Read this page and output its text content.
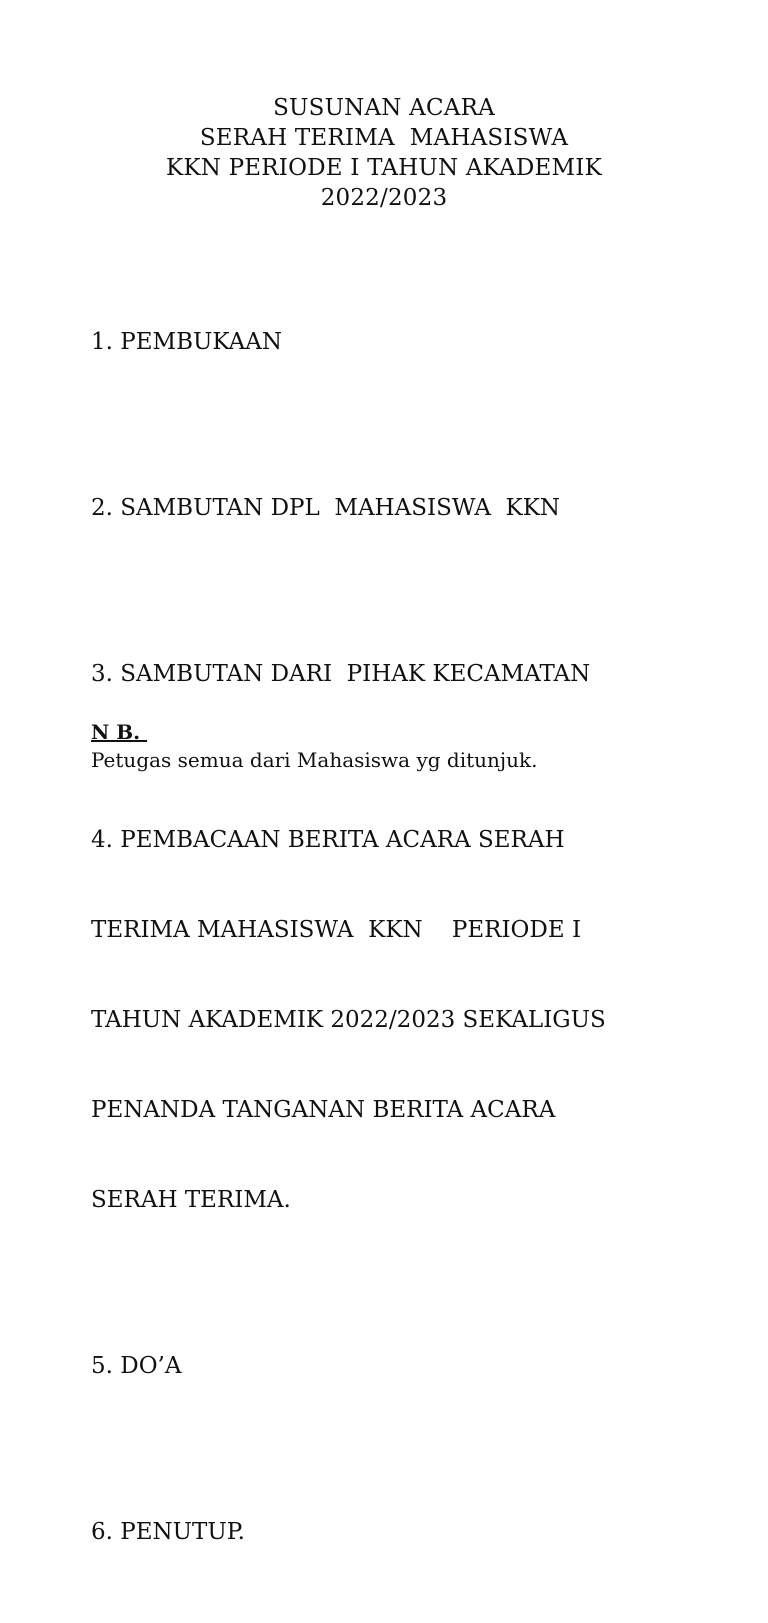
SUSUNAN ACARA
SERAH TERIMA  MAHASISWA
KKN PERIODE I TAHUN AKADEMIK
2022/2023

1. PEMBUKAAN

2. SAMBUTAN DPL  MAHASISWA  KKN

3. SAMBUTAN DARI  PIHAK KECAMATAN

4. PEMBACAAN BERITA ACARA SERAH

TERIMA MAHASISWA  KKN    PERIODE I

TAHUN AKADEMIK 2022/2023 SEKALIGUS

PENANDA TANGANAN BERITA ACARA

SERAH TERIMA.

5. DO’A

6. PENUTUP.

N B.
Petugas semua dari Mahasiswa yg ditunjuk.
